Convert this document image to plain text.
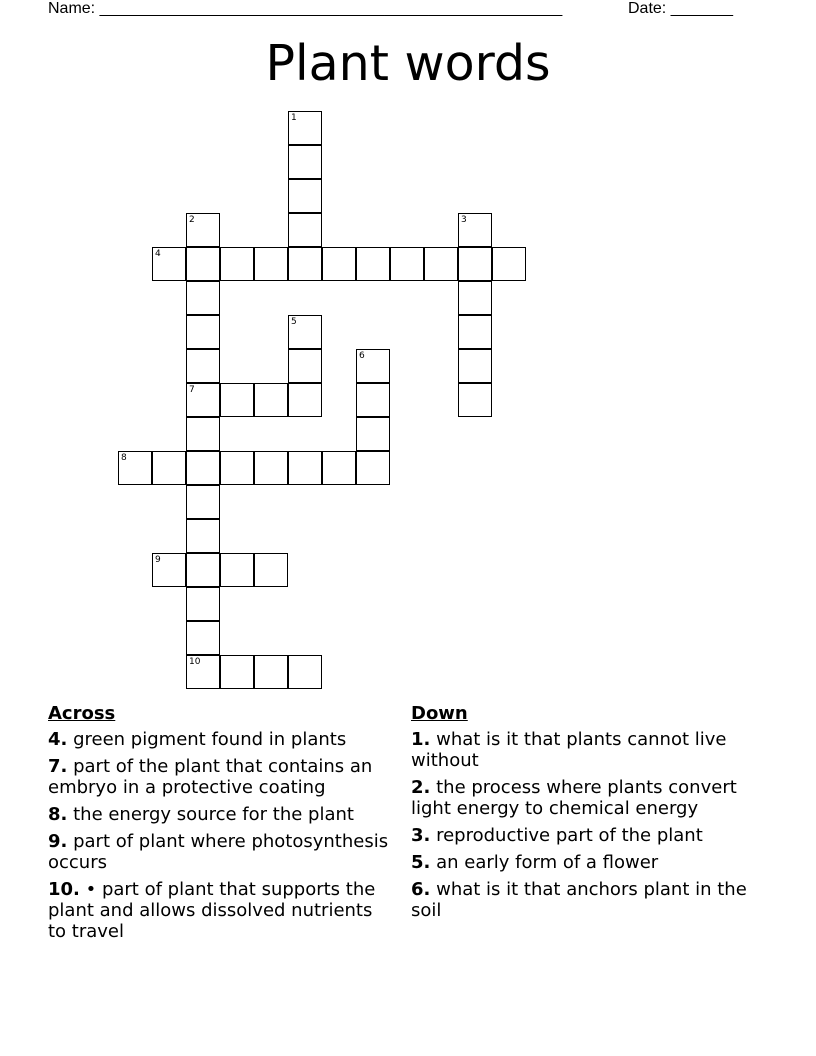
Name: ____________________________________________________	Date: _______
Plant words
1
2	3
4
5
6
7
8
9
10
Across
4. green pigment found in plants
7. part of the plant that contains an embryo in a protective coating
8. the energy source for the plant
9. part of plant where photosynthesis occurs
10. • part of plant that supports the plant and allows dissolved nutrients to travel
Down
1. what is it that plants cannot live without
2. the process where plants convert light energy to chemical energy
3. reproductive part of the plant
5. an early form of a flower
6. what is it that anchors plant in the soil
